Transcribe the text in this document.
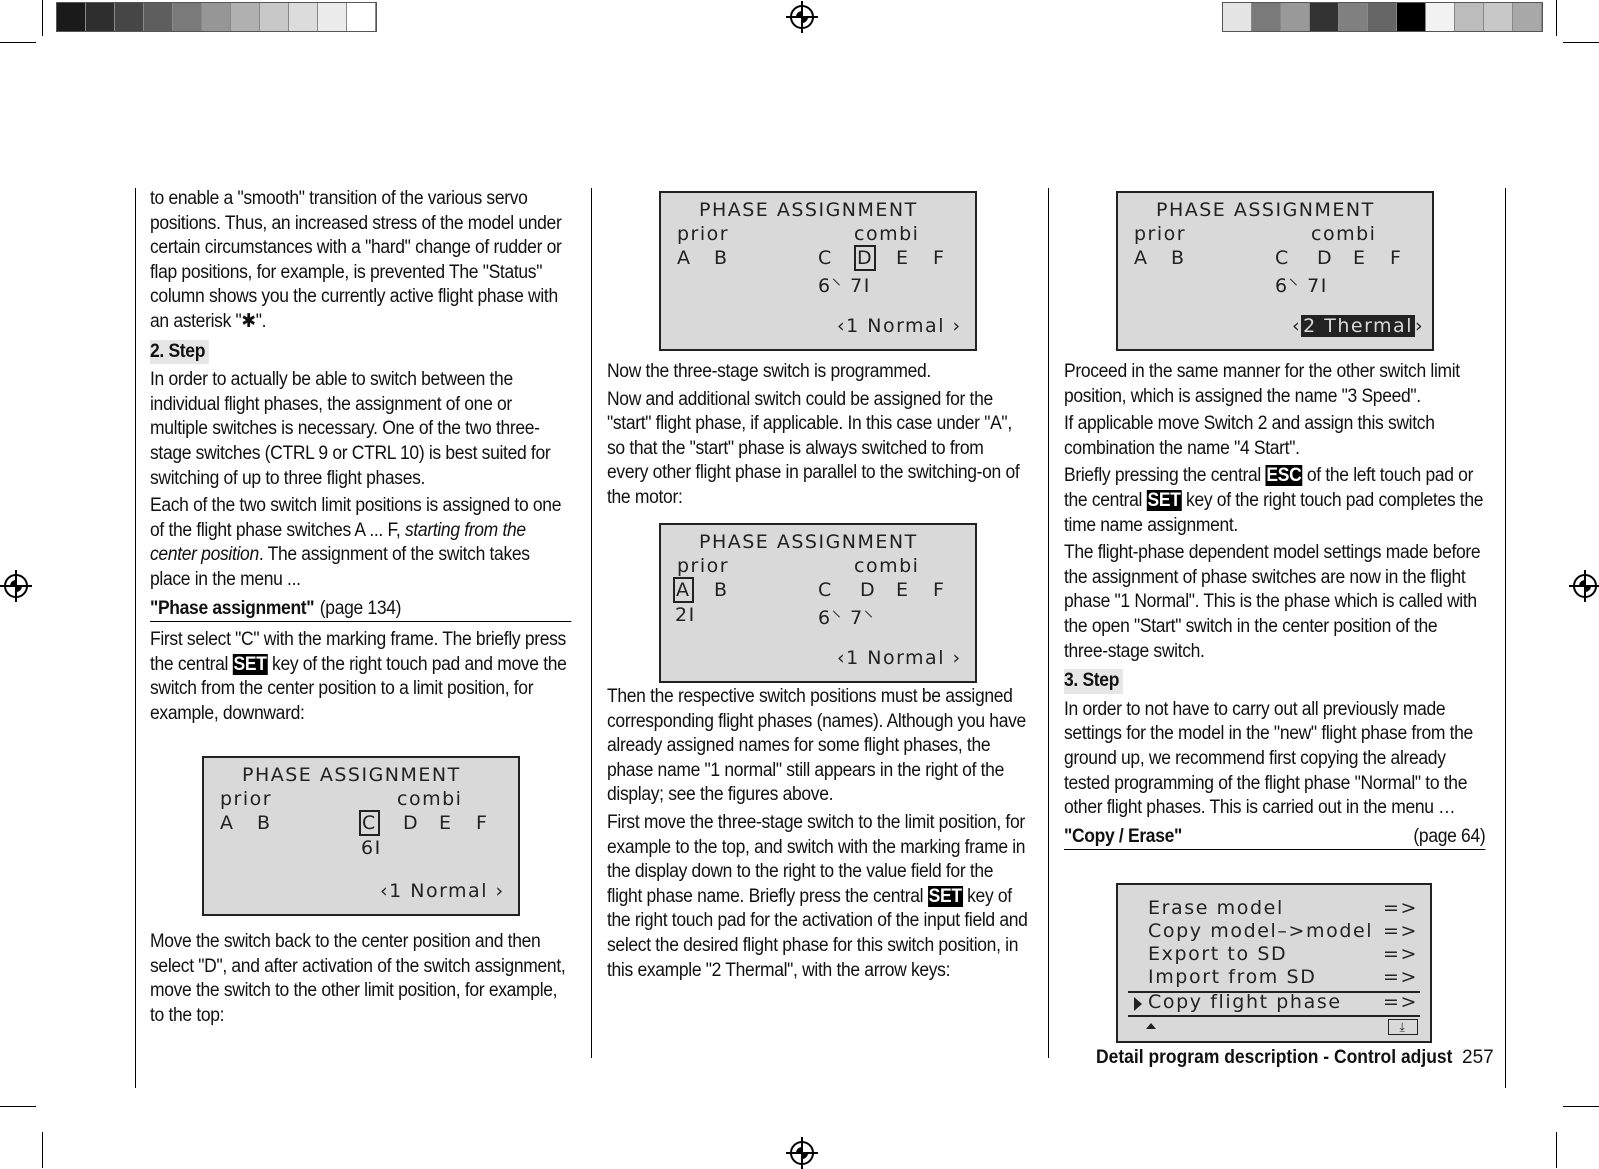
to enable a "smooth" transition of the various servo positions. Thus, an increased stress of the model under certain circumstances with a "hard" change of rudder or flap positions, for example, is prevented The "Status" column shows you the currently active flight phase with an asterisk "✱".

2. Step

In order to actually be able to switch between the individual flight phases, the assignment of one or multiple switches is necessary. One of the two three-stage switches (CTRL 9 or CTRL 10) is best suited for switching of up to three flight phases.

Each of the two switch limit positions is assigned to one of the flight phase switches A ... F, starting from the center position. The assignment of the switch takes place in the menu ...

"Phase assignment" (page 134)

First select "C" with the marking frame. The briefly press the central SET key of the right touch pad and move the switch from the center position to a limit position, for example, downward:

Move the switch back to the center position and then select "D", and after activation of the switch assignment, move the switch to the other limit position, for example, to the top:

PHASE ASSIGNMENT
prior	combi
A B	C D E F
6I
‹1 Normal ›
PHASE ASSIGNMENT
prior	combi
A B	C D E F
6⸌ 7I
‹1 Normal ›
PHASE ASSIGNMENT
prior	combi
A B	C D E F
2I	6⸌ 7⸌
‹1 Normal ›
PHASE ASSIGNMENT
prior	combi
A B	C D E F
6⸌ 7I
‹ 2 Thermal ›

Now the three-stage switch is programmed.

Now and additional switch could be assigned for the "start" flight phase, if applicable. In this case under "A", so that the "start" phase is always switched to from every other flight phase in parallel to the switching-on of the motor:

Then the respective switch positions must be assigned corresponding flight phases (names). Although you have already assigned names for some flight phases, the phase name "1 normal" still appears in the right of the display; see the figures above.

First move the three-stage switch to the limit position, for example to the top, and switch with the marking frame in the display down to the right to the value field for the flight phase name. Briefly press the central SET key of the right touch pad for the activation of the input field and select the desired flight phase for this switch position, in this example "2 Thermal", with the arrow keys:

Proceed in the same manner for the other switch limit position, which is assigned the name "3 Speed".

If applicable move Switch 2 and assign this switch combination the name "4 Start".

Briefly pressing the central ESC of the left touch pad or the central SET key of the right touch pad completes the time name assignment.

The flight-phase dependent model settings made before the assignment of phase switches are now in the flight phase "1 Normal". This is the phase which is called with the open "Start" switch in the center position of the three-stage switch.

3. Step

In order to not have to carry out all previously made settings for the model in the "new" flight phase from the ground up, we recommend first copying the already tested programming of the flight phase "Normal" to the other flight phases. This is carried out in the menu …

"Copy / Erase"	(page 64)
Erase model	=>
Copy model–>model =>
Export to SD	=>
Import from SD	=>
Copy flight phase =>
⤓
Detail program description - Control adjust 257
